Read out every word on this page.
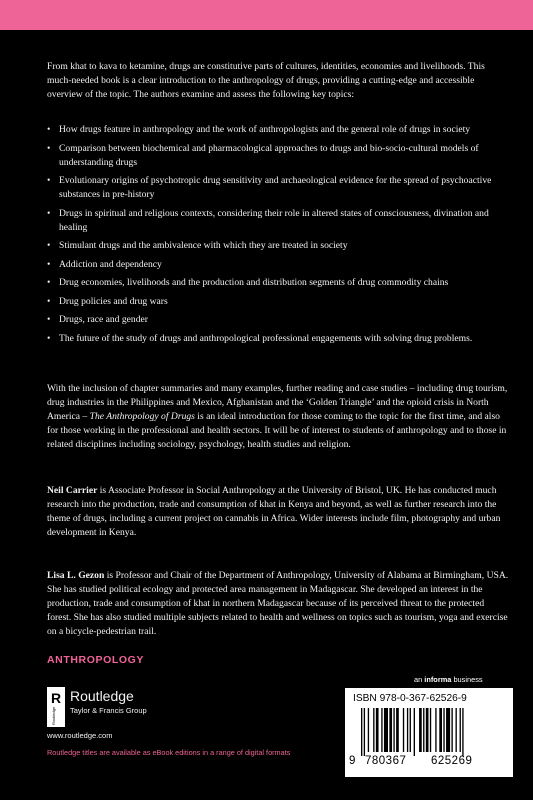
From khat to kava to ketamine, drugs are constitutive parts of cultures, identities, economies and livelihoods. This much-needed book is a clear introduction to the anthropology of drugs, providing a cutting-edge and accessible overview of the topic. The authors examine and assess the following key topics:

• How drugs feature in anthropology and the work of anthropologists and the general role of drugs in society
• Comparison between biochemical and pharmacological approaches to drugs and bio-socio-cultural models of understanding drugs
• Evolutionary origins of psychotropic drug sensitivity and archaeological evidence for the spread of psychoactive substances in pre-history
• Drugs in spiritual and religious contexts, considering their role in altered states of consciousness, divination and healing
• Stimulant drugs and the ambivalence with which they are treated in society
• Addiction and dependency
• Drug economies, livelihoods and the production and distribution segments of drug commodity chains
• Drug policies and drug wars
• Drugs, race and gender
• The future of the study of drugs and anthropological professional engagements with solving drug problems.

With the inclusion of chapter summaries and many examples, further reading and case studies – including drug tourism, drug industries in the Philippines and Mexico, Afghanistan and the ‘Golden Triangle’ and the opioid crisis in North America – The Anthropology of Drugs is an ideal introduction for those coming to the topic for the first time, and also for those working in the professional and health sectors. It will be of interest to students of anthropology and to those in related disciplines including sociology, psychology, health studies and religion.

Neil Carrier is Associate Professor in Social Anthropology at the University of Bristol, UK. He has conducted much research into the production, trade and consumption of khat in Kenya and beyond, as well as further research into the theme of drugs, including a current project on cannabis in Africa. Wider interests include film, photography and urban development in Kenya.

Lisa L. Gezon is Professor and Chair of the Department of Anthropology, University of Alabama at Birmingham, USA. She has studied political ecology and protected area management in Madagascar. She developed an interest in the production, trade and consumption of khat in northern Madagascar because of its perceived threat to the protected forest. She has also studied multiple subjects related to health and wellness on topics such as tourism, yoga and exercise on a bicycle-pedestrian trail.

ANTHROPOLOGY
R
Routledge
Routledge
Taylor & Francis Group
www.routledge.com
Routledge titles are available as eBook editions in a range of digital formats
an informa business
ISBN 978-0-367-62526-9
9 780367 625269
